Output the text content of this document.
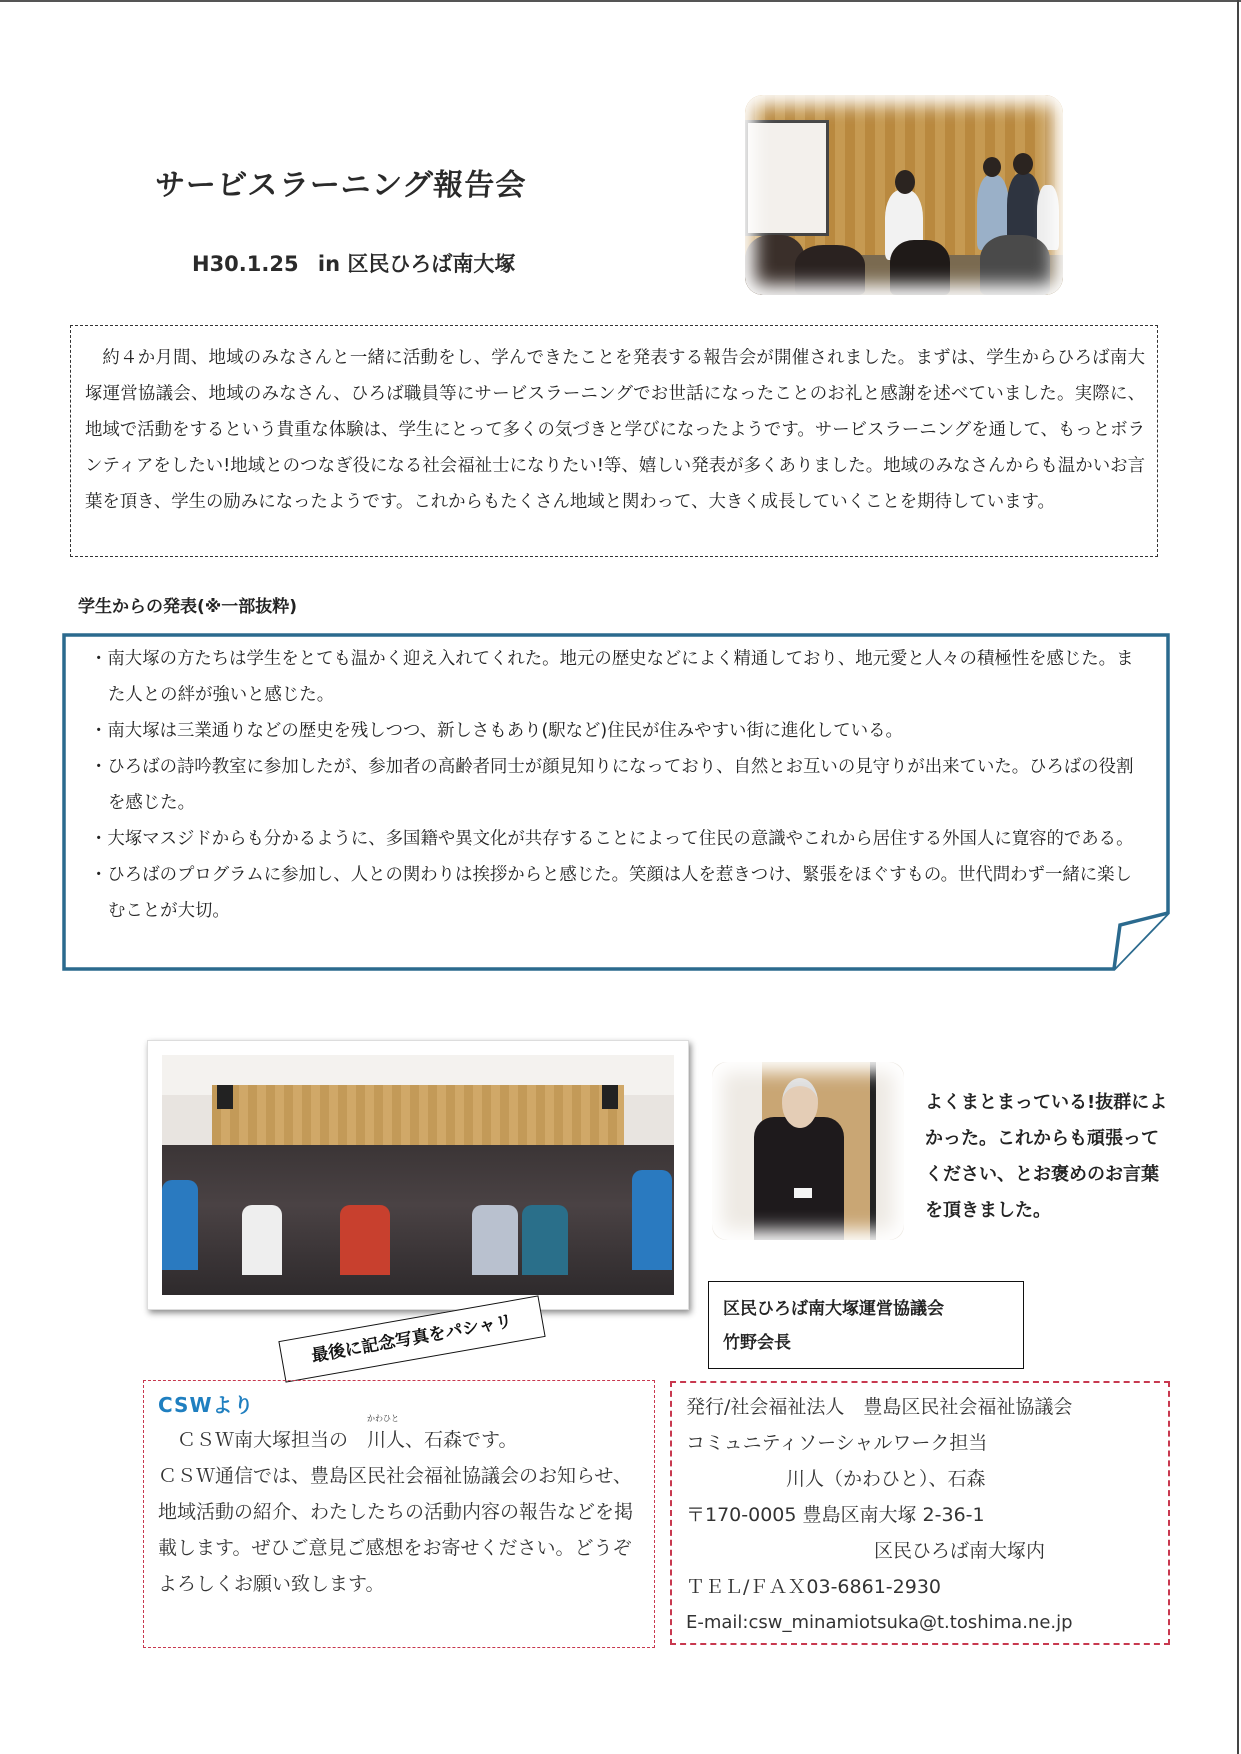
サービスラーニング報告会
H30.1.25 in 区民ひろば南大塚

約４か月間、地域のみなさんと一緒に活動をし、学んできたことを発表する報告会が開催されました。まずは、学生からひろば南大塚運営協議会、地域のみなさん、ひろば職員等にサービスラーニングでお世話になったことのお礼と感謝を述べていました。実際に、地域で活動をするという貴重な体験は、学生にとって多くの気づきと学びになったようです。サービスラーニングを通して、もっとボランティアをしたい!地域とのつなぎ役になる社会福祉士になりたい!等、嬉しい発表が多くありました。地域のみなさんからも温かいお言葉を頂き、学生の励みになったようです。これからもたくさん地域と関わって、大きく成長していくことを期待しています。

学生からの発表(※一部抜粋)
・ 南大塚の方たちは学生をとても温かく迎え入れてくれた。地元の歴史などによく精通しており、地元愛と人々の積極性を感じた。また人との絆が強いと感じた。
・ 南大塚は三業通りなどの歴史を残しつつ、新しさもあり(駅など)住民が住みやすい街に進化している。
・ ひろばの詩吟教室に参加したが、参加者の高齢者同士が顔見知りになっており、自然とお互いの見守りが出来ていた。ひろばの役割を感じた。
・ 大塚マスジドからも分かるように、多国籍や異文化が共存することによって住民の意識やこれから居住する外国人に寛容的である。
・ ひろばのプログラムに参加し、人との関わりは挨拶からと感じた。笑顔は人を惹きつけ、緊張をほぐすもの。世代問わず一緒に楽しむことが大切。
最後に記念写真をパシャリ
よくまとまっている!抜群によかった。これからも頑張ってください、とお褒めのお言葉を頂きました。
区民ひろば南大塚運営協議会
竹野会長
CSWより

ＣＳＷ南大塚担当の
かわひと
川人、石森です。

ＣＳＷ通信では、豊島区民社会福祉協議会のお知らせ、地域活動の紹介、わたしたちの活動内容の報告などを掲載します。ぜひご意見ご感想をお寄せください。どうぞよろしくお願い致します。

発行/社会福祉法人　豊島区民社会福祉協議会

コミュニティソーシャルワーク担当

川人（かわひと）、石森

〒170-0005 豊島区南大塚 2-36-1

区民ひろば南大塚内

ＴＥＬ/ＦＡＸ03-6861-2930

E-mail:csw_minamiotsuka@t.toshima.ne.jp
